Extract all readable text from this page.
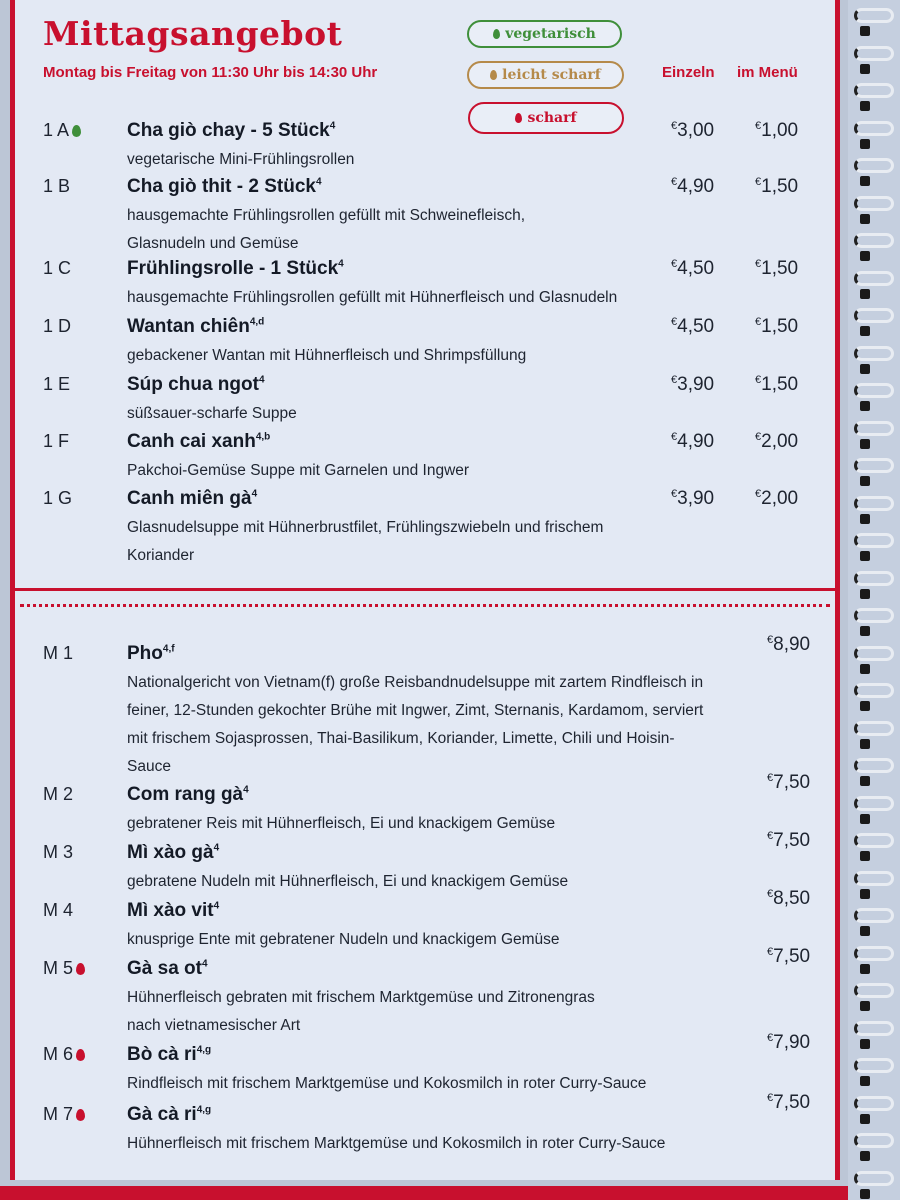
Mittagsangebot
Montag bis Freitag von 11:30 Uhr bis 14:30 Uhr
vegetarisch
leicht scharf
scharf
Einzeln im Menü
1 A	Cha giò chay - 5 Stück$^4$
vegetarische Mini-Frühlingsrollen
€3,00	€1,00
1 B	Cha giò thit - 2 Stück$^4$
hausgemachte Frühlingsrollen gefüllt mit Schweinefleisch, Glasnudeln und Gemüse
€4,90	€1,50
1 C	Frühlingsrolle - 1 Stück$^4$
hausgemachte Frühlingsrollen gefüllt mit Hühnerfleisch und Glasnudeln
€4,50	€1,50
1 D	Wantan chiên$^{4,d}$
gebackener Wantan mit Hühnerfleisch und Shrimpsfüllung
€4,50	€1,50
1 E	Súp chua ngot$^4$
süßsauer-scharfe Suppe
€3,90	€1,50
1 F	Canh cai xanh$^{4,b}$
Pakchoi-Gemüse Suppe mit Garnelen und Ingwer
€4,90	€2,00
1 G	Canh miên $gà^4$
Glasnudelsuppe mit Hühnerbrustfilet, Frühlingszwiebeln und frischem Koriander
€3,90	€2,00
M 1	Pho$^{4,f}$
Nationalgericht von Vietnam(f) große Reisbandnudelsuppe mit zartem Rindfleisch in feiner, 12-Stunden gekochter Brühe mit Ingwer, Zimt, Sternanis, Kardamom, serviert mit frischem Sojasprossen, Thai-Basilikum, Koriander, Limette, Chili und Hoisin-Sauce
€8,90
M 2	Com rang $gà^4$
gebratener Reis mit Hühnerfleisch, Ei und knackigem Gemüse
€7,50
M 3	Mì xào $gà^4$
gebratene Nudeln mit Hühnerfleisch, Ei und knackigem Gemüse
€7,50
M 4	Mì xào vit$^4$
knusprige Ente mit gebratener Nudeln und knackigem Gemüse
€8,50
M 5	Gà sa $ot^4$
Hühnerfleisch gebraten mit frischem Marktgemüse und Zitronengras nach vietnamesischer Art
€7,50
M 6	Bò cà ri$^{4,g}$
Rindfleisch mit frischem Marktgemüse und Kokosmilch in roter Curry-Sauce
€7,90
M 7	Gà cà ri$^{4,g}$
Hühnerfleisch mit frischem Marktgemüse und Kokosmilch in roter Curry-Sauce
€7,50
